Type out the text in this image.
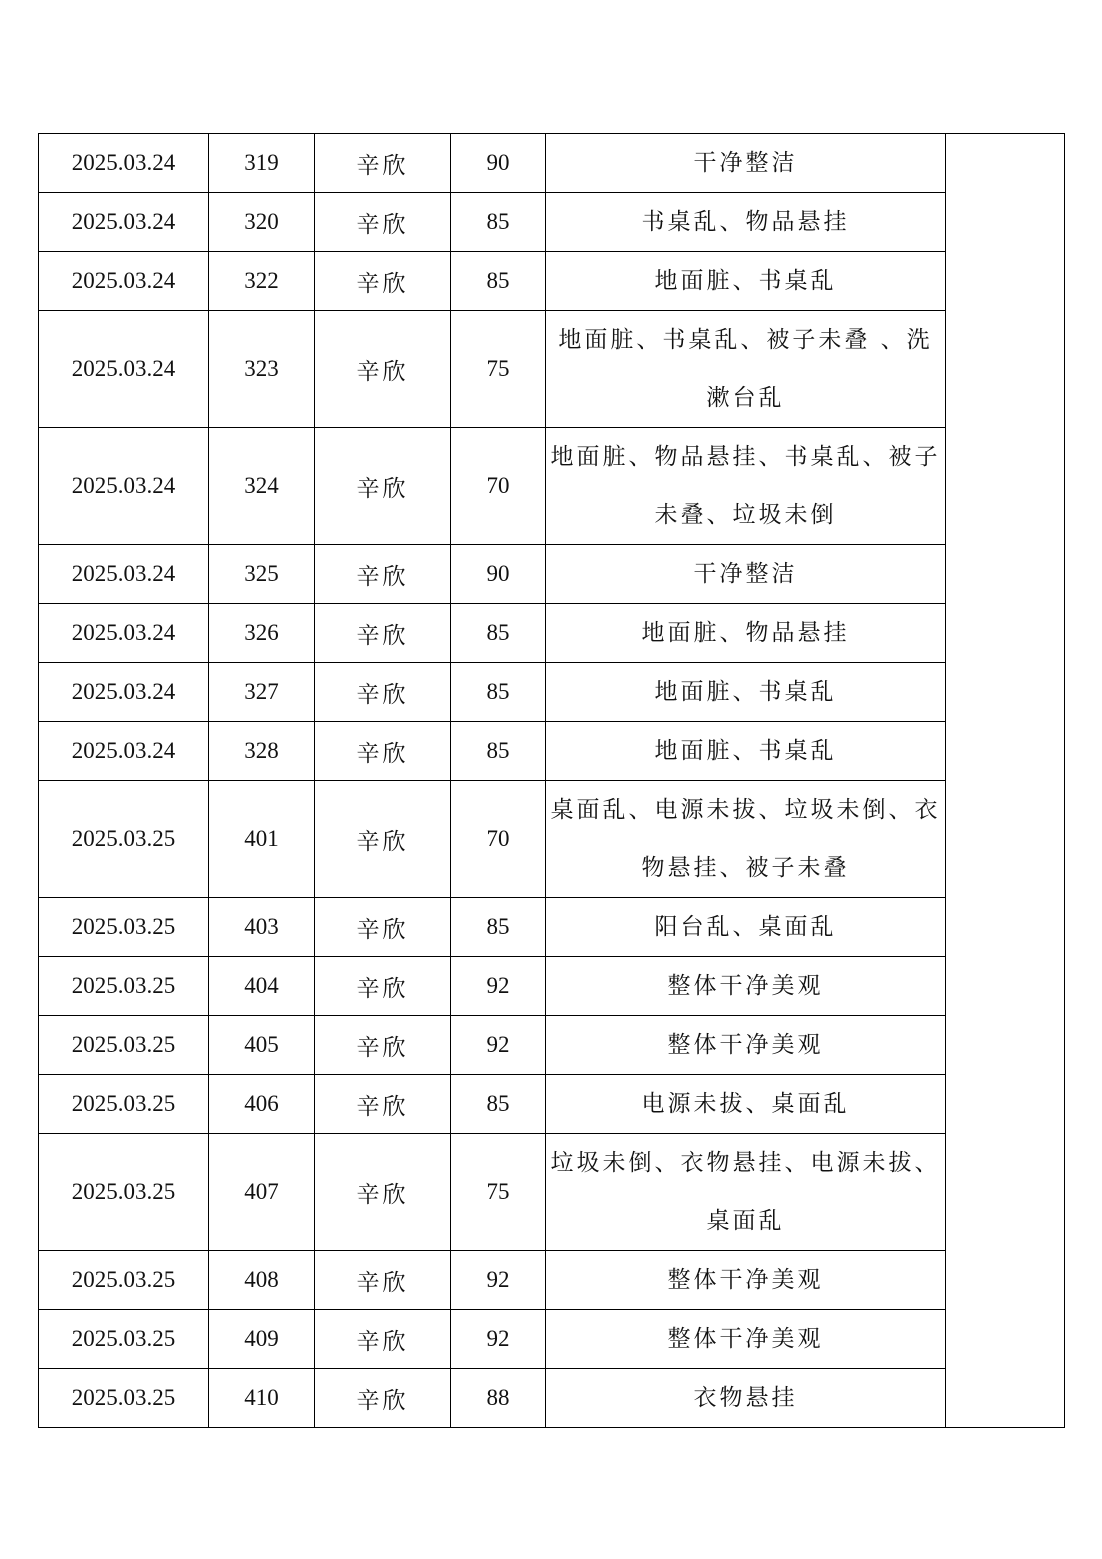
2025.03.24	319	辛欣	90	干净整洁	
2025.03.24	320	辛欣	85	书桌乱、物品悬挂	
2025.03.24	322	辛欣	85	地面脏、书桌乱	
2025.03.24	323	辛欣	75	地面脏、书桌乱、被子未叠 、洗漱台乱	
2025.03.24	324	辛欣	70	地面脏、物品悬挂、书桌乱、被子未叠、垃圾未倒	
2025.03.24	325	辛欣	90	干净整洁	
2025.03.24	326	辛欣	85	地面脏、物品悬挂	
2025.03.24	327	辛欣	85	地面脏、书桌乱	
2025.03.24	328	辛欣	85	地面脏、书桌乱	
2025.03.25	401	辛欣	70	桌面乱、电源未拔、垃圾未倒、衣物悬挂、被子未叠	
2025.03.25	403	辛欣	85	阳台乱、桌面乱	
2025.03.25	404	辛欣	92	整体干净美观	
2025.03.25	405	辛欣	92	整体干净美观	
2025.03.25	406	辛欣	85	电源未拔、桌面乱	
2025.03.25	407	辛欣	75	垃圾未倒、衣物悬挂、电源未拔、桌面乱	
2025.03.25	408	辛欣	92	整体干净美观	
2025.03.25	409	辛欣	92	整体干净美观	
2025.03.25	410	辛欣	88	衣物悬挂	
